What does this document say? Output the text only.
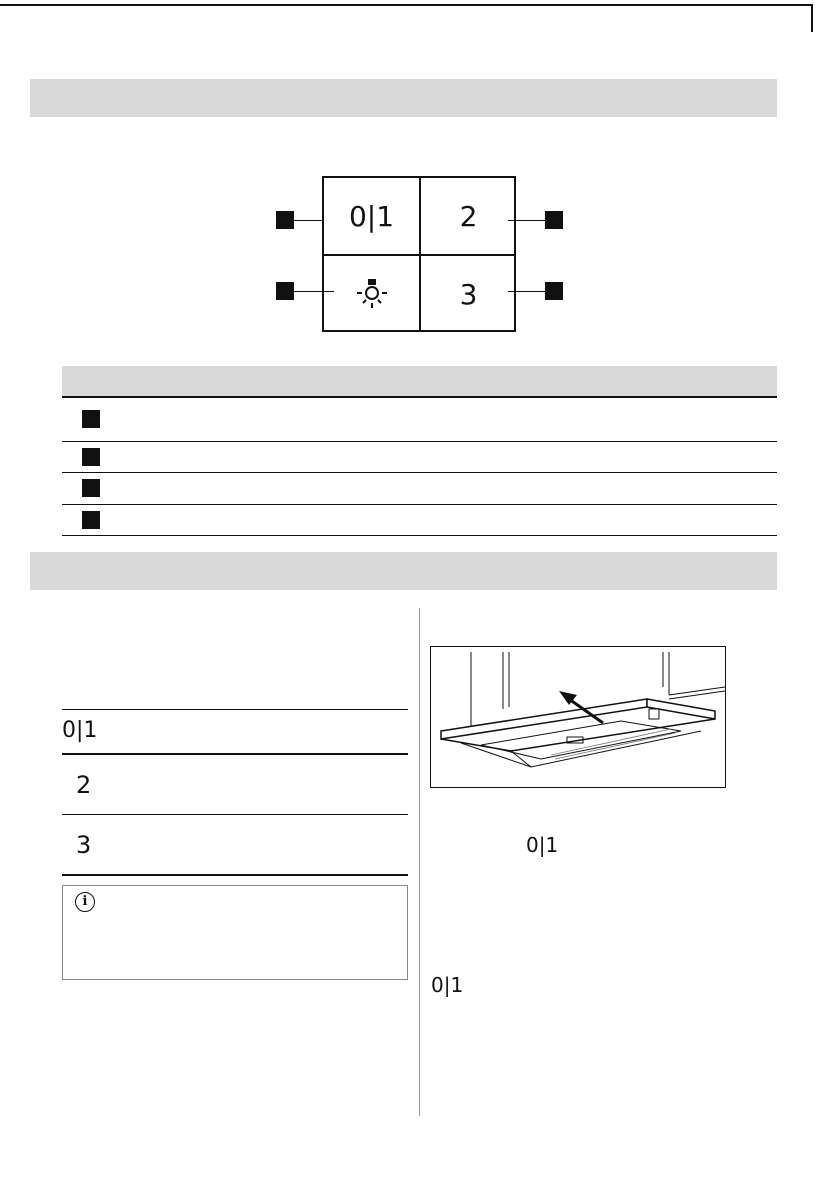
0|1 2
3
0|1
2
3
i
0|1
0|1
